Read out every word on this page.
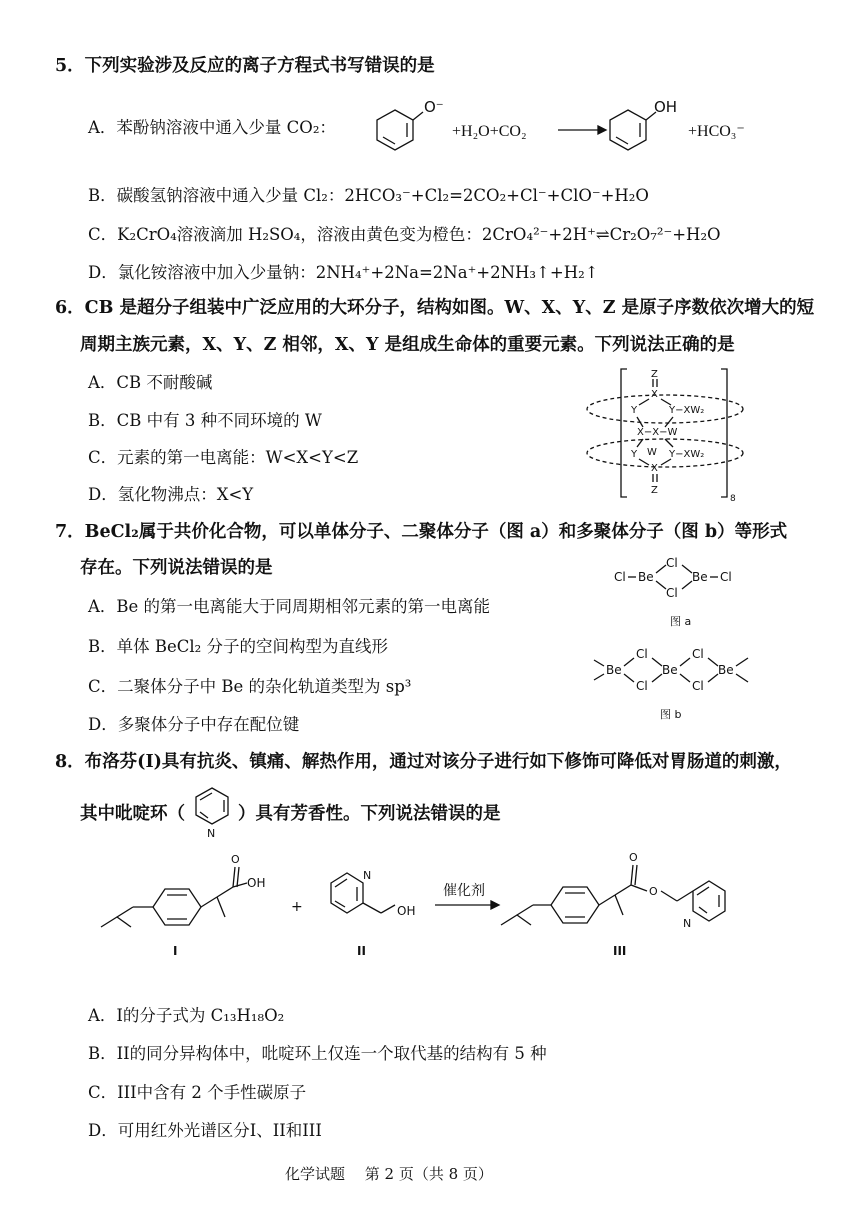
5．下列实验涉及反应的离子方程式书写错误的是
A．苯酚钠溶液中通入少量 CO₂：
O⁻
+H₂O+CO₂
OH
+HCO₃⁻
B．碳酸氢钠溶液中通入少量 Cl₂：2HCO₃⁻+Cl₂=2CO₂+Cl⁻+ClO⁻+H₂O
C．K₂CrO₄溶液滴加 H₂SO₄，溶液由黄色变为橙色：2CrO₄²⁻+2H⁺⇌Cr₂O₇²⁻+H₂O
D．氯化铵溶液中加入少量钠：2NH₄⁺+2Na=2Na⁺+2NH₃↑+H₂↑
6．CB 是超分子组装中广泛应用的大环分子，结构如图。W、X、Y、Z 是原子序数依次增大的短
周期主族元素，X、Y、Z 相邻，X、Y 是组成生命体的重要元素。下列说法正确的是
A．CB 不耐酸碱
B．CB 中有 3 种不同环境的 W
C．元素的第一电离能：W<X<Y<Z
D．氢化物沸点：X<Y	8
Z
X
Y	Y−XW₂
X−X−W
Y W Y−XW₂
X
Z
7．BeCl₂属于共价化合物，可以单体分子、二聚体分子（图 a）和多聚体分子（图 b）等形式
存在。下列说法错误的是
A．Be 的第一电离能大于同周期相邻元素的第一电离能
B．单体 BeCl₂ 分子的空间构型为直线形
C．二聚体分子中 Be 的杂化轨道类型为 sp³
D．多聚体分子中存在配位键
Cl Be
Cl
Cl
Be Cl
图 a
Be
Cl
Cl
Be
Cl
Cl
Be
图 b
8．布洛芬(I)具有抗炎、镇痛、解热作用，通过对该分子进行如下修饰可降低对胃肠道的刺激，
其中吡啶环（
N
）具有芳香性。下列说法错误的是
O
OH
I
+
N
OH
II
催化剂
O
O
N
III
A．I的分子式为 C₁₃H₁₈O₂
B．II的同分异构体中，吡啶环上仅连一个取代基的结构有 5 种
C．III中含有 2 个手性碳原子
D．可用红外光谱区分I、II和III
化学试题　 第 2 页（共 8 页）
